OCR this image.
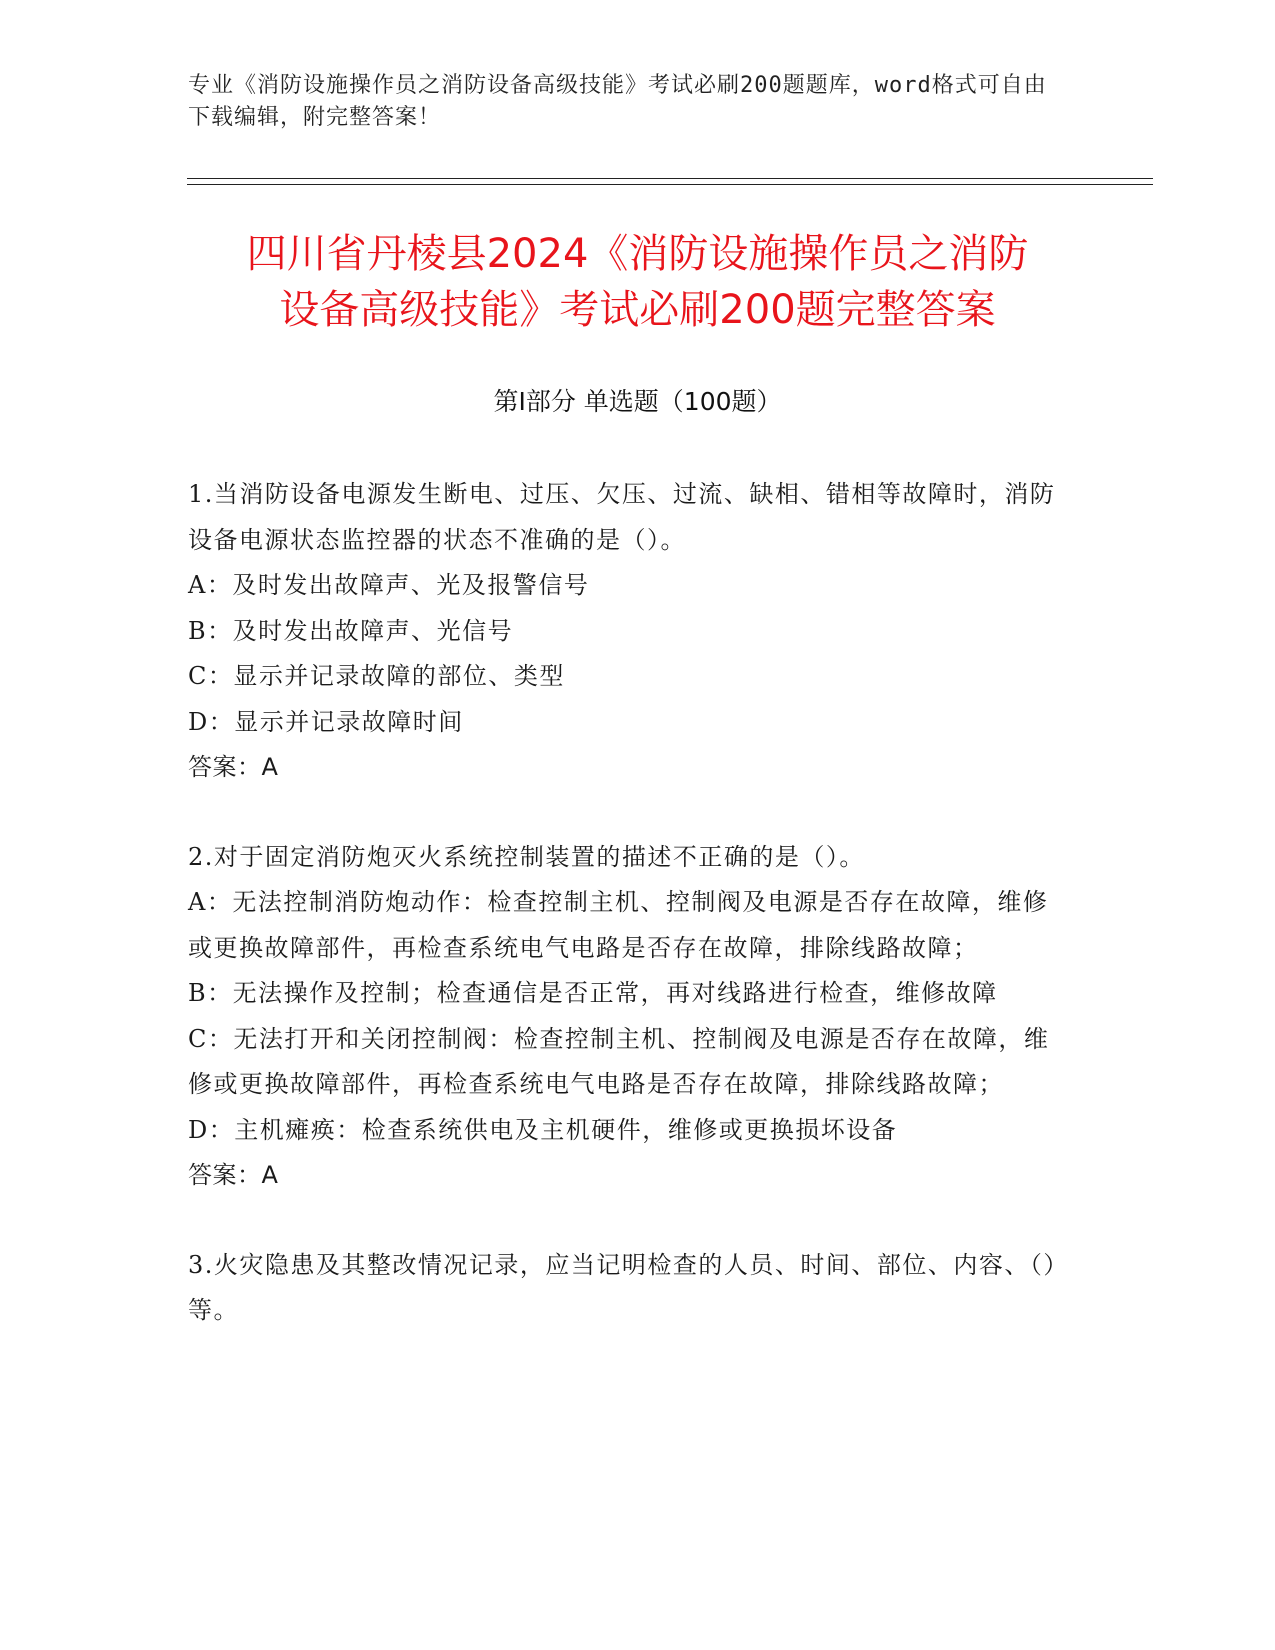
专业《消防设施操作员之消防设备高级技能》考试必刷200题题库，word格式可自由下载编辑，附完整答案！
四川省丹棱县2024《消防设施操作员之消防
设备高级技能》考试必刷200题完整答案
第Ⅰ部分 单选题（100题）

1.当消防设备电源发生断电、过压、欠压、过流、缺相、错相等故障时，消防设备电源状态监控器的状态不准确的是（）。

A：及时发出故障声、光及报警信号

B：及时发出故障声、光信号

C：显示并记录故障的部位、类型

D：显示并记录故障时间

答案：A

2.对于固定消防炮灭火系统控制装置的描述不正确的是（）。

A：无法控制消防炮动作：检查控制主机、控制阀及电源是否存在故障，维修或更换故障部件，再检查系统电气电路是否存在故障，排除线路故障；

B：无法操作及控制；检查通信是否正常，再对线路进行检查，维修故障

C：无法打开和关闭控制阀：检查控制主机、控制阀及电源是否存在故障，维修或更换故障部件，再检查系统电气电路是否存在故障，排除线路故障；

D：主机瘫痪：检查系统供电及主机硬件，维修或更换损坏设备

答案：A

3.火灾隐患及其整改情况记录，应当记明检查的人员、时间、部位、内容、（）等。
